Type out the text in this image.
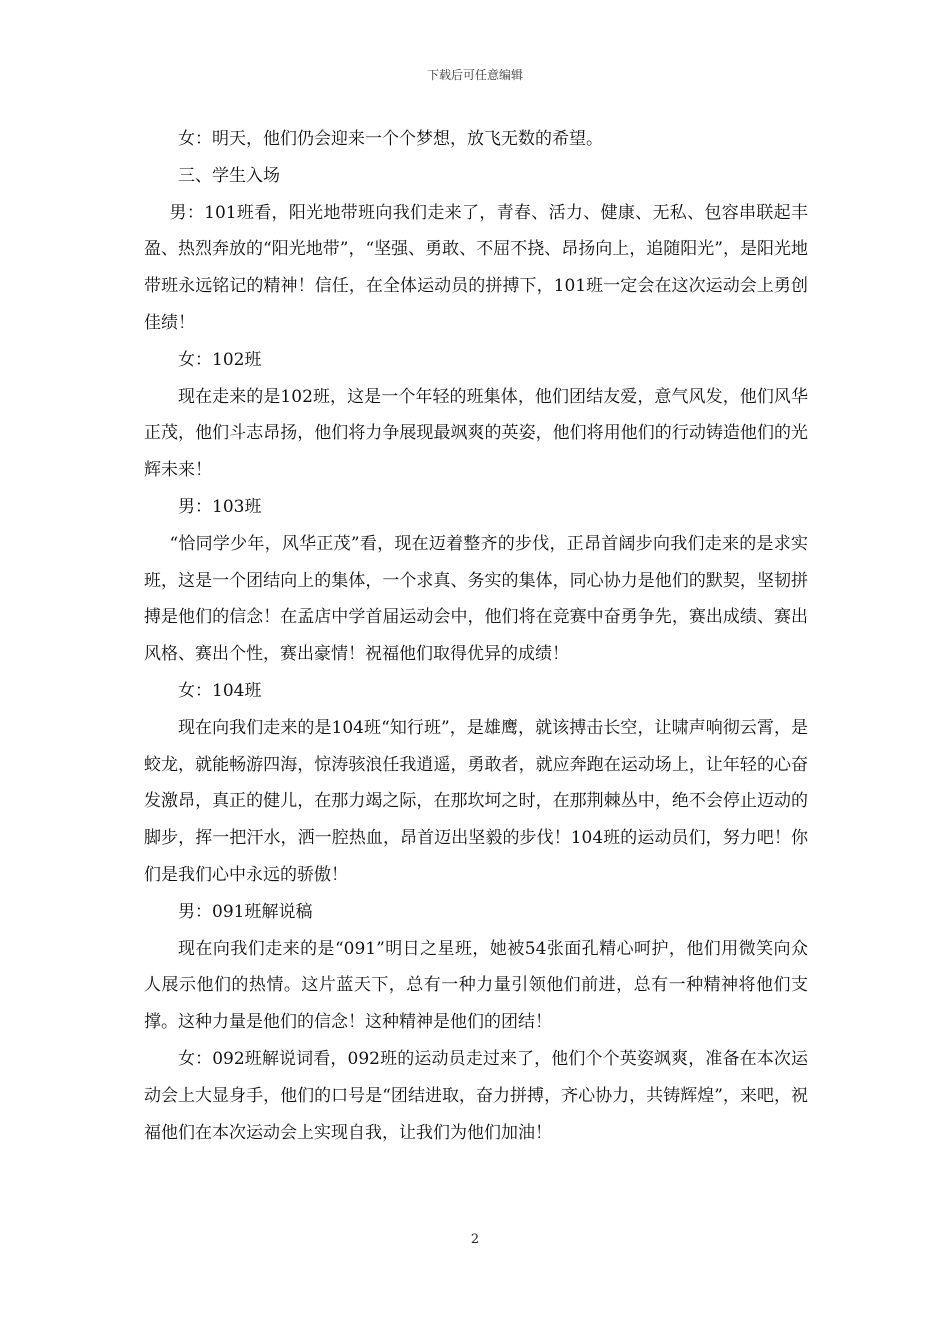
下载后可任意编辑

女：明天，他们仍会迎来一个个梦想，放飞无数的希望。

三、学生入场

男：101班看，阳光地带班向我们走来了，青春、活力、健康、无私、包容串联起丰盈、热烈奔放的“阳光地带”，“坚强、勇敢、不屈不挠、昂扬向上，追随阳光”，是阳光地带班永远铭记的精神！信任，在全体运动员的拼搏下，101班一定会在这次运动会上勇创佳绩！

女：102班

现在走来的是102班，这是一个年轻的班集体，他们团结友爱，意气风发，他们风华正茂，他们斗志昂扬，他们将力争展现最飒爽的英姿，他们将用他们的行动铸造他们的光辉未来！

男：103班

“恰同学少年，风华正茂”看，现在迈着整齐的步伐，正昂首阔步向我们走来的是求实班，这是一个团结向上的集体，一个求真、务实的集体，同心协力是他们的默契，坚韧拼搏是他们的信念！在孟店中学首届运动会中，他们将在竞赛中奋勇争先，赛出成绩、赛出风格、赛出个性，赛出豪情！祝福他们取得优异的成绩！

女：104班

现在向我们走来的是104班“知行班”，是雄鹰，就该搏击长空，让啸声响彻云霄，是蛟龙，就能畅游四海，惊涛骇浪任我逍遥，勇敢者，就应奔跑在运动场上，让年轻的心奋发激昂，真正的健儿，在那力竭之际，在那坎坷之时，在那荆棘丛中，绝不会停止迈动的脚步，挥一把汗水，洒一腔热血，昂首迈出坚毅的步伐！104班的运动员们，努力吧！你们是我们心中永远的骄傲！

男：091班解说稿

现在向我们走来的是“091”明日之星班，她被54张面孔精心呵护，他们用微笑向众人展示他们的热情。这片蓝天下，总有一种力量引领他们前进，总有一种精神将他们支撑。这种力量是他们的信念！这种精神是他们的团结！

女：092班解说词看，092班的运动员走过来了，他们个个英姿飒爽，准备在本次运动会上大显身手，他们的口号是“团结进取，奋力拼搏，齐心协力，共铸辉煌”，来吧，祝福他们在本次运动会上实现自我，让我们为他们加油！

2
